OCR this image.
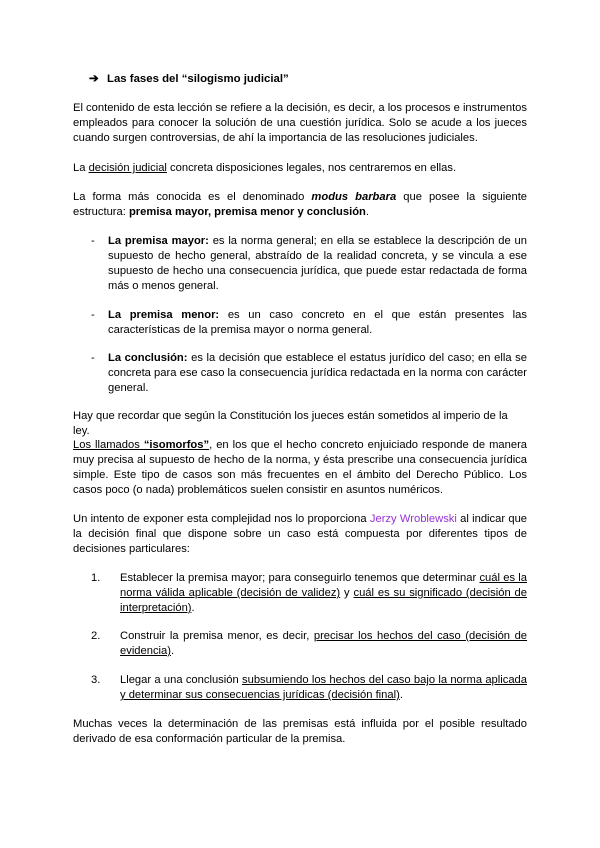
➔ Las fases del “silogismo judicial”

El contenido de esta lección se refiere a la decisión, es decir, a los procesos e instrumentos empleados para conocer la solución de una cuestión jurídica. Solo se acude a los jueces cuando surgen controversias, de ahí la importancia de las resoluciones judiciales.

La decisión judicial concreta disposiciones legales, nos centraremos en ellas.

La forma más conocida es el denominado modus barbara que posee la siguiente estructura: premisa mayor, premisa menor y conclusión.

- La premisa mayor: es la norma general; en ella se establece la descripción de un supuesto de hecho general, abstraído de la realidad concreta, y se vincula a ese supuesto de hecho una consecuencia jurídica, que puede estar redactada de forma más o menos general.
- La premisa menor: es un caso concreto en el que están presentes las características de la premisa mayor o norma general.
- La conclusión: es la decisión que establece el estatus jurídico del caso; en ella se concreta para ese caso la consecuencia jurídica redactada en la norma con carácter general.

Hay que recordar que según la Constitución los jueces están sometidos al imperio de la ley.

Los llamados “isomorfos”, en los que el hecho concreto enjuiciado responde de manera muy precisa al supuesto de hecho de la norma, y ésta prescribe una consecuencia jurídica simple. Este tipo de casos son más frecuentes en el ámbito del Derecho Público. Los casos poco (o nada) problemáticos suelen consistir en asuntos numéricos.

Un intento de exponer esta complejidad nos lo proporciona Jerzy Wroblewski al indicar que la decisión final que dispone sobre un caso está compuesta por diferentes tipos de decisiones particulares:

1. Establecer la premisa mayor; para conseguirlo tenemos que determinar cuál es la norma válida aplicable (decisión de validez) y cuál es su significado (decisión de interpretación).
2. Construir la premisa menor, es decir, precisar los hechos del caso (decisión de evidencia).
3. Llegar a una conclusión subsumiendo los hechos del caso bajo la norma aplicada y determinar sus consecuencias jurídicas (decisión final).

Muchas veces la determinación de las premisas está influida por el posible resultado derivado de esa conformación particular de la premisa.
